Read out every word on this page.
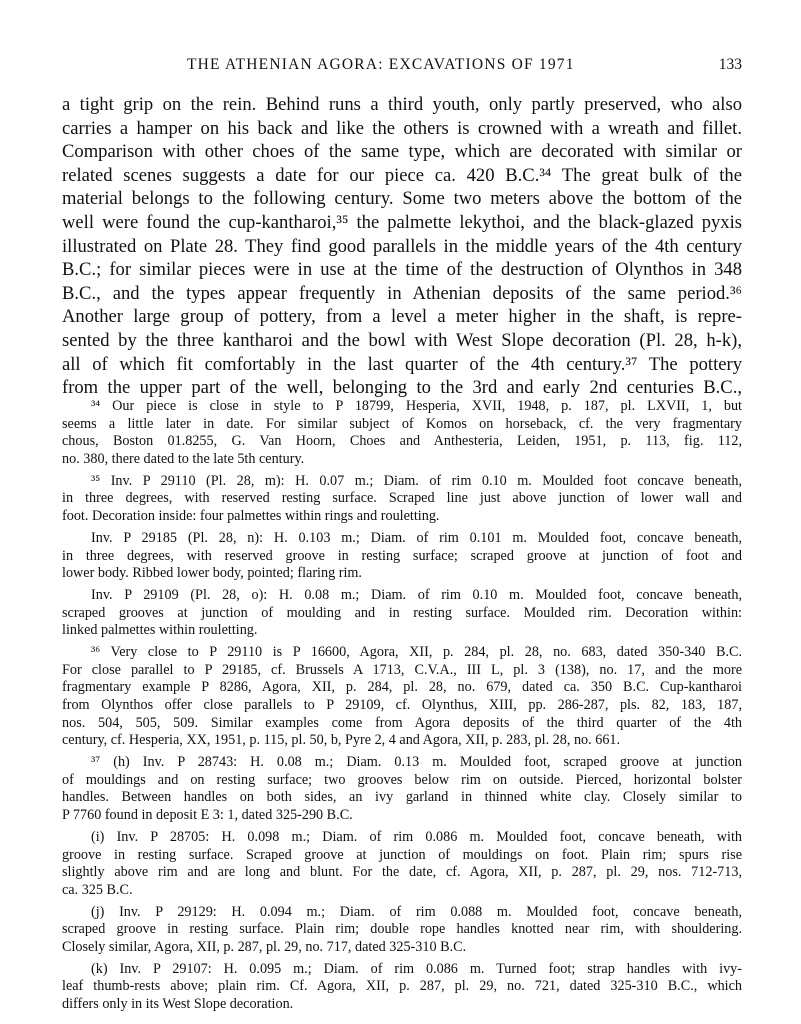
THE ATHENIAN AGORA: EXCAVATIONS OF 1971	133
a tight grip on the rein. Behind runs a third youth, only partly preserved, who also
carries a hamper on his back and like the others is crowned with a wreath and fillet.
Comparison with other choes of the same type, which are decorated with similar or
related scenes suggests a date for our piece ca. 420 B.C.³⁴ The great bulk of the
material belongs to the following century. Some two meters above the bottom of the
well were found the cup-kantharoi,³⁵ the palmette lekythoi, and the black-glazed pyxis
illustrated on Plate 28. They find good parallels in the middle years of the 4th century
B.C.; for similar pieces were in use at the time of the destruction of Olynthos in 348
B.C., and the types appear frequently in Athenian deposits of the same period.³⁶
Another large group of pottery, from a level a meter higher in the shaft, is repre-
sented by the three kantharoi and the bowl with West Slope decoration (Pl. 28, h-k),
all of which fit comfortably in the last quarter of the 4th century.³⁷ The pottery
from the upper part of the well, belonging to the 3rd and early 2nd centuries B.C.,
³⁴ Our piece is close in style to P 18799, Hesperia, XVII, 1948, p. 187, pl. LXVII, 1, but
seems a little later in date. For similar subject of Komos on horseback, cf. the very fragmentary
chous, Boston 01.8255, G. Van Hoorn, Choes and Anthesteria, Leiden, 1951, p. 113, fig. 112,
no. 380, there dated to the late 5th century.
³⁵ Inv. P 29110 (Pl. 28, m): H. 0.07 m.; Diam. of rim 0.10 m. Moulded foot concave beneath,
in three degrees, with reserved resting surface. Scraped line just above junction of lower wall and
foot. Decoration inside: four palmettes within rings and rouletting.
Inv. P 29185 (Pl. 28, n): H. 0.103 m.; Diam. of rim 0.101 m. Moulded foot, concave beneath,
in three degrees, with reserved groove in resting surface; scraped groove at junction of foot and
lower body. Ribbed lower body, pointed; flaring rim.
Inv. P 29109 (Pl. 28, o): H. 0.08 m.; Diam. of rim 0.10 m. Moulded foot, concave beneath,
scraped grooves at junction of moulding and in resting surface. Moulded rim. Decoration within:
linked palmettes within rouletting.
³⁶ Very close to P 29110 is P 16600, Agora, XII, p. 284, pl. 28, no. 683, dated 350-340 B.C.
For close parallel to P 29185, cf. Brussels A 1713, C.V.A., III L, pl. 3 (138), no. 17, and the more
fragmentary example P 8286, Agora, XII, p. 284, pl. 28, no. 679, dated ca. 350 B.C. Cup-kantharoi
from Olynthos offer close parallels to P 29109, cf. Olynthus, XIII, pp. 286-287, pls. 82, 183, 187,
nos. 504, 505, 509. Similar examples come from Agora deposits of the third quarter of the 4th
century, cf. Hesperia, XX, 1951, p. 115, pl. 50, b, Pyre 2, 4 and Agora, XII, p. 283, pl. 28, no. 661.
³⁷ (h) Inv. P 28743: H. 0.08 m.; Diam. 0.13 m. Moulded foot, scraped groove at junction
of mouldings and on resting surface; two grooves below rim on outside. Pierced, horizontal bolster
handles. Between handles on both sides, an ivy garland in thinned white clay. Closely similar to
P 7760 found in deposit E 3: 1, dated 325-290 B.C.
(i) Inv. P 28705: H. 0.098 m.; Diam. of rim 0.086 m. Moulded foot, concave beneath, with
groove in resting surface. Scraped groove at junction of mouldings on foot. Plain rim; spurs rise
slightly above rim and are long and blunt. For the date, cf. Agora, XII, p. 287, pl. 29, nos. 712-713,
ca. 325 B.C.
(j) Inv. P 29129: H. 0.094 m.; Diam. of rim 0.088 m. Moulded foot, concave beneath,
scraped groove in resting surface. Plain rim; double rope handles knotted near rim, with shouldering.
Closely similar, Agora, XII, p. 287, pl. 29, no. 717, dated 325-310 B.C.
(k) Inv. P 29107: H. 0.095 m.; Diam. of rim 0.086 m. Turned foot; strap handles with ivy-
leaf thumb-rests above; plain rim. Cf. Agora, XII, p. 287, pl. 29, no. 721, dated 325-310 B.C., which
differs only in its West Slope decoration.
